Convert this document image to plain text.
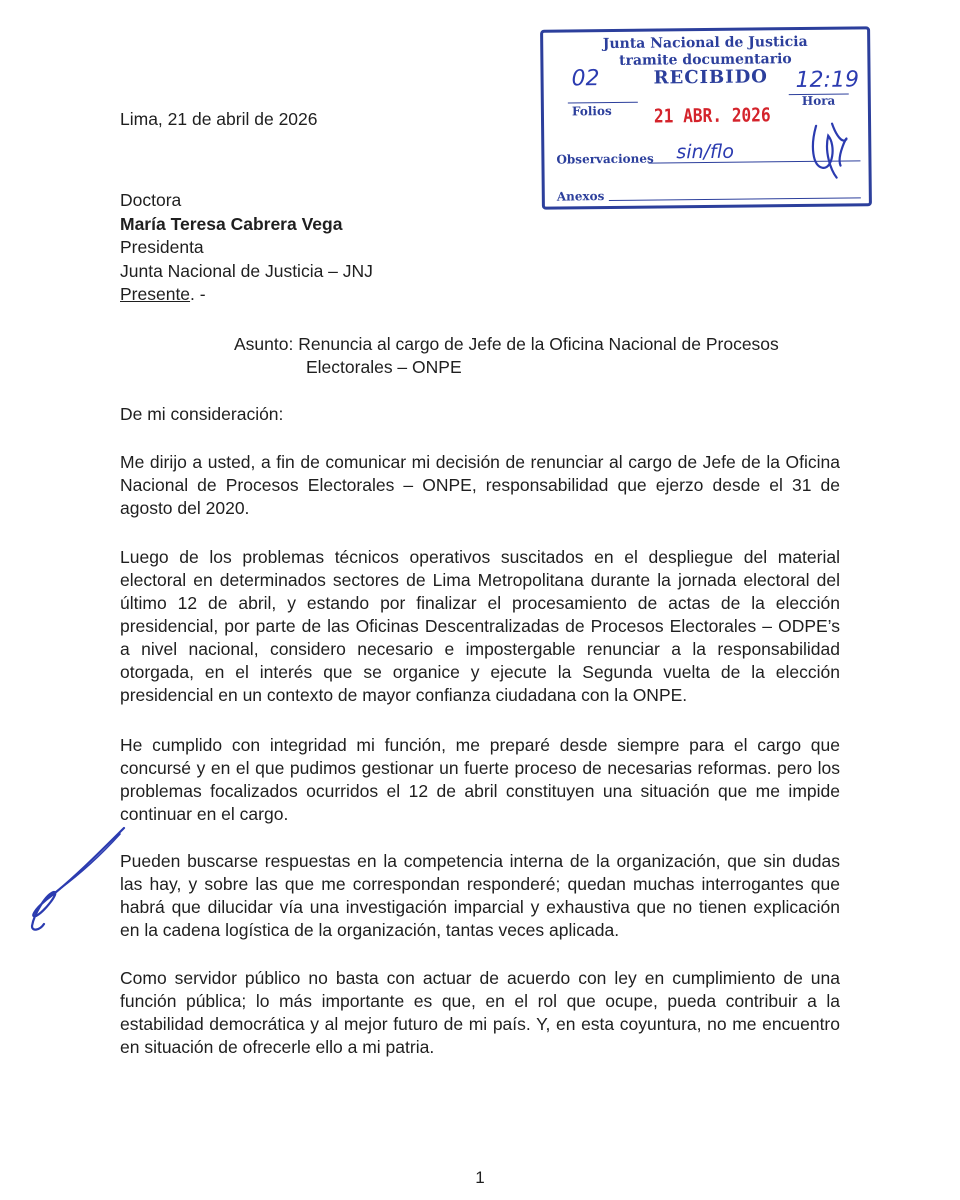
Junta Nacional de Justicia tramite documentario
02
Folios
RECIBIDO
21 ABR. 2026
12:19
Hora
Observaciones sin/flo
Anexos
Lima, 21 de abril de 2026
Doctora
María Teresa Cabrera Vega
Presidenta
Junta Nacional de Justicia – JNJ
Presente. -
Asunto: Renuncia al cargo de Jefe de la Oficina Nacional de Procesos
Electorales – ONPE
De mi consideración:
Me dirijo a usted, a fin de comunicar mi decisión de renunciar al cargo de Jefe de la Oficina Nacional de Procesos Electorales – ONPE, responsabilidad que ejerzo desde el 31 de agosto del 2020.
Luego de los problemas técnicos operativos suscitados en el despliegue del material electoral en determinados sectores de Lima Metropolitana durante la jornada electoral del último 12 de abril, y estando por finalizar el procesamiento de actas de la elección presidencial, por parte de las Oficinas Descentralizadas de Procesos Electorales – ODPE’s a nivel nacional, considero necesario e impostergable renunciar a la responsabilidad otorgada, en el interés que se organice y ejecute la Segunda vuelta de la elección presidencial en un contexto de mayor confianza ciudadana con la ONPE.
He cumplido con integridad mi función, me preparé desde siempre para el cargo que concursé y en el que pudimos gestionar un fuerte proceso de necesarias reformas. pero los problemas focalizados ocurridos el 12 de abril constituyen una situación que me impide continuar en el cargo.
Pueden buscarse respuestas en la competencia interna de la organización, que sin dudas las hay, y sobre las que me correspondan responderé; quedan muchas interrogantes que habrá que dilucidar vía una investigación imparcial y exhaustiva que no tienen explicación en la cadena logística de la organización, tantas veces aplicada.
Como servidor público no basta con actuar de acuerdo con ley en cumplimiento de una función pública; lo más importante es que, en el rol que ocupe, pueda contribuir a la estabilidad democrática y al mejor futuro de mi país. Y, en esta coyuntura, no me encuentro en situación de ofrecerle ello a mi patria.
1
